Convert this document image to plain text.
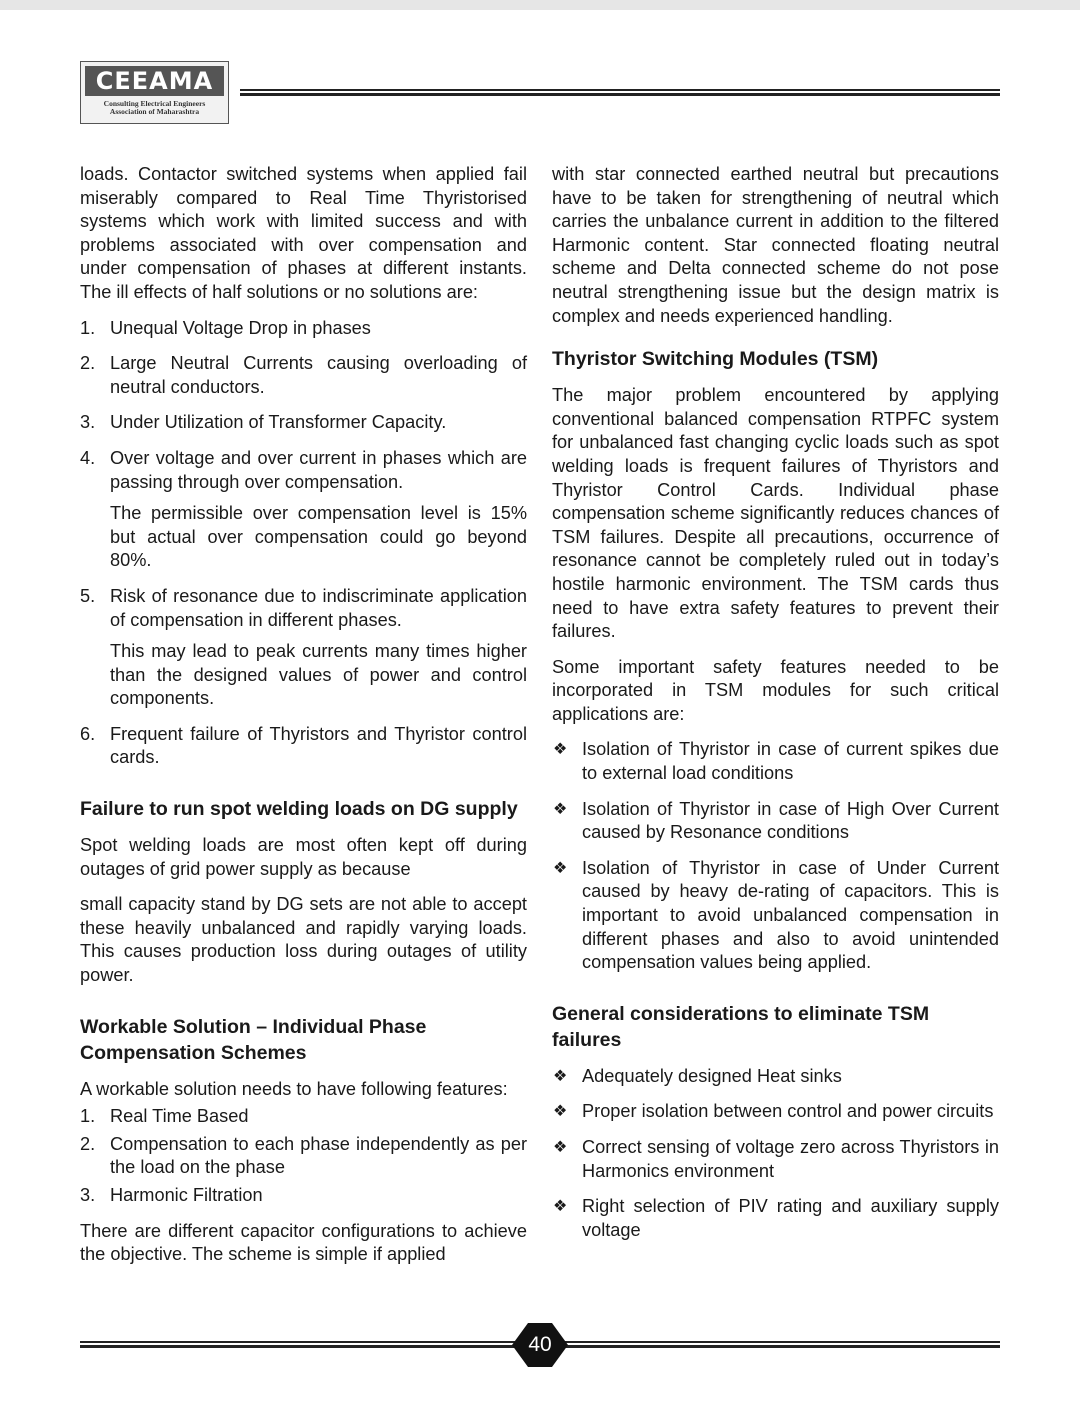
CEEAMA
Consulting Electrical Engineers
Association of Maharashtra

loads. Contactor switched systems when applied fail miserably compared to Real Time Thyristorised systems which work with limited success and with problems associated with over compensation and under compensation of phases at different instants. The ill effects of half solutions or no solutions are:

1. Unequal Voltage Drop in phases
2. Large Neutral Currents causing overloading of neutral conductors.
3. Under Utilization of Transformer Capacity.
4. Over voltage and over current in phases which are passing through over compensation.
The permissible over compensation level is 15% but actual over compensation could go beyond 80%.
5. Risk of resonance due to indiscriminate application of compensation in different phases.
This may lead to peak currents many times higher than the designed values of power and control components.
6. Frequent failure of Thyristors and Thyristor control cards.
Failure to run spot welding loads on DG supply

Spot welding loads are most often kept off during outages of grid power supply as because

small capacity stand by DG sets are not able to accept these heavily unbalanced and rapidly varying loads. This causes production loss during outages of utility power.

Workable Solution – Individual Phase Compensation Schemes

A workable solution needs to have following features:

1. Real Time Based
2. Compensation to each phase independently as per the load on the phase
3. Harmonic Filtration

There are different capacitor configurations to achieve the objective. The scheme is simple if applied

with star connected earthed neutral but precautions have to be taken for strengthening of neutral which carries the unbalance current in addition to the filtered Harmonic content. Star connected floating neutral scheme and Delta connected scheme do not pose neutral strengthening issue but the design matrix is complex and needs experienced handling.

Thyristor Switching Modules (TSM)

The major problem encountered by applying conventional balanced compensation RTPFC system for unbalanced fast changing cyclic loads such as spot welding loads is frequent failures of Thyristors and Thyristor Control Cards. Individual phase compensation scheme significantly reduces chances of TSM failures. Despite all precautions, occurrence of resonance cannot be completely ruled out in today’s hostile harmonic environment. The TSM cards thus need to have extra safety features to prevent their failures.

Some important safety features needed to be incorporated in TSM modules for such critical applications are:

❖ Isolation of Thyristor in case of current spikes due to external load conditions
❖ Isolation of Thyristor in case of High Over Current caused by Resonance conditions
❖ Isolation of Thyristor in case of Under Current caused by heavy de-rating of capacitors. This is important to avoid unbalanced compensation in different phases and also to avoid unintended compensation values being applied.
General considerations to eliminate TSM failures
❖ Adequately designed Heat sinks
❖ Proper isolation between control and power circuits
❖ Correct sensing of voltage zero across Thyristors in Harmonics environment
❖ Right selection of PIV rating and auxiliary supply voltage
40
